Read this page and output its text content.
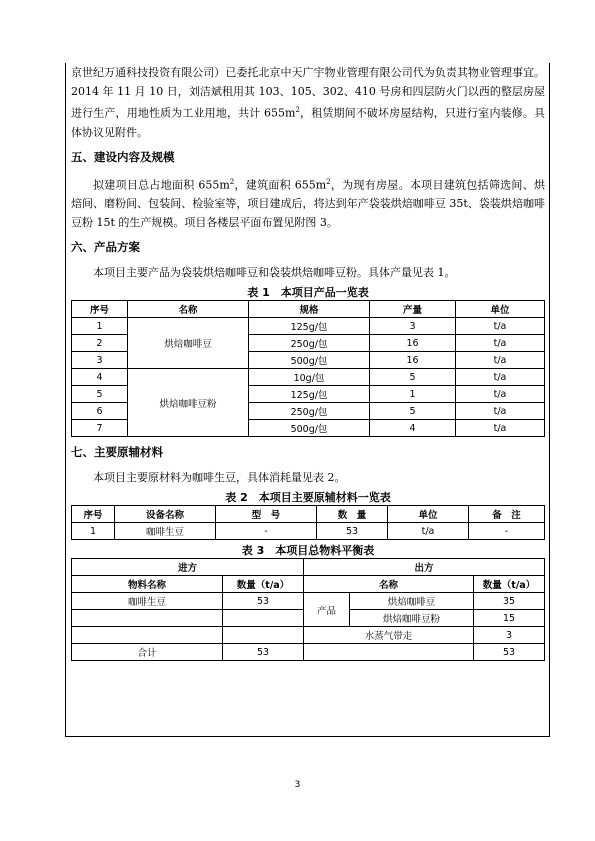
京世纪万通科技投资有限公司）已委托北京中天广宇物业管理有限公司代为负责其物业管理事宜。2014 年 11 月 10 日，刘洁斌租用其 103、105、302、410 号房和四层防火门以西的整层房屋进行生产，用地性质为工业用地，共计 $655m^2$，租赁期间不破坏房屋结构，只进行室内装修。具体协议见附件。

五、建设内容及规模

拟建项目总占地面积 $655m^2$，建筑面积 $655m^2$，为现有房屋。本项目建筑包括筛选间、烘焙间、磨粉间、包装间、检验室等，项目建成后，将达到年产袋装烘焙咖啡豆 35t、袋装烘焙咖啡豆粉 15t 的生产规模。项目各楼层平面布置见附图 3。

六、产品方案

本项目主要产品为袋装烘焙咖啡豆和袋装烘焙咖啡豆粉。具体产量见表 1。

表 1　本项目产品一览表
序号	名称	规格	产量	单位
1	烘焙咖啡豆	125g/包	3	t/a
2		250g/包	16	t/a
3		500g/包	16	t/a
4	烘焙咖啡豆粉	10g/包	5	t/a
5		125g/包	1	t/a
6		250g/包	5	t/a
7		500g/包	4	t/a
七、主要原辅材料

本项目主要原材料为咖啡生豆，具体消耗量见表 2。

表 2　本项目主要原辅材料一览表
序号	设备名称	型　号	数　量	单位	备　注
1	咖啡生豆	-	53	t/a	-
表 3　本项目总物料平衡表
进方		出方		
物料名称	数量（t/a）	名称		数量（t/a）
咖啡生豆	53	产品	烘焙咖啡豆	35
			烘焙咖啡豆粉	15
		水蒸气带走		3
合计	53			53
3
